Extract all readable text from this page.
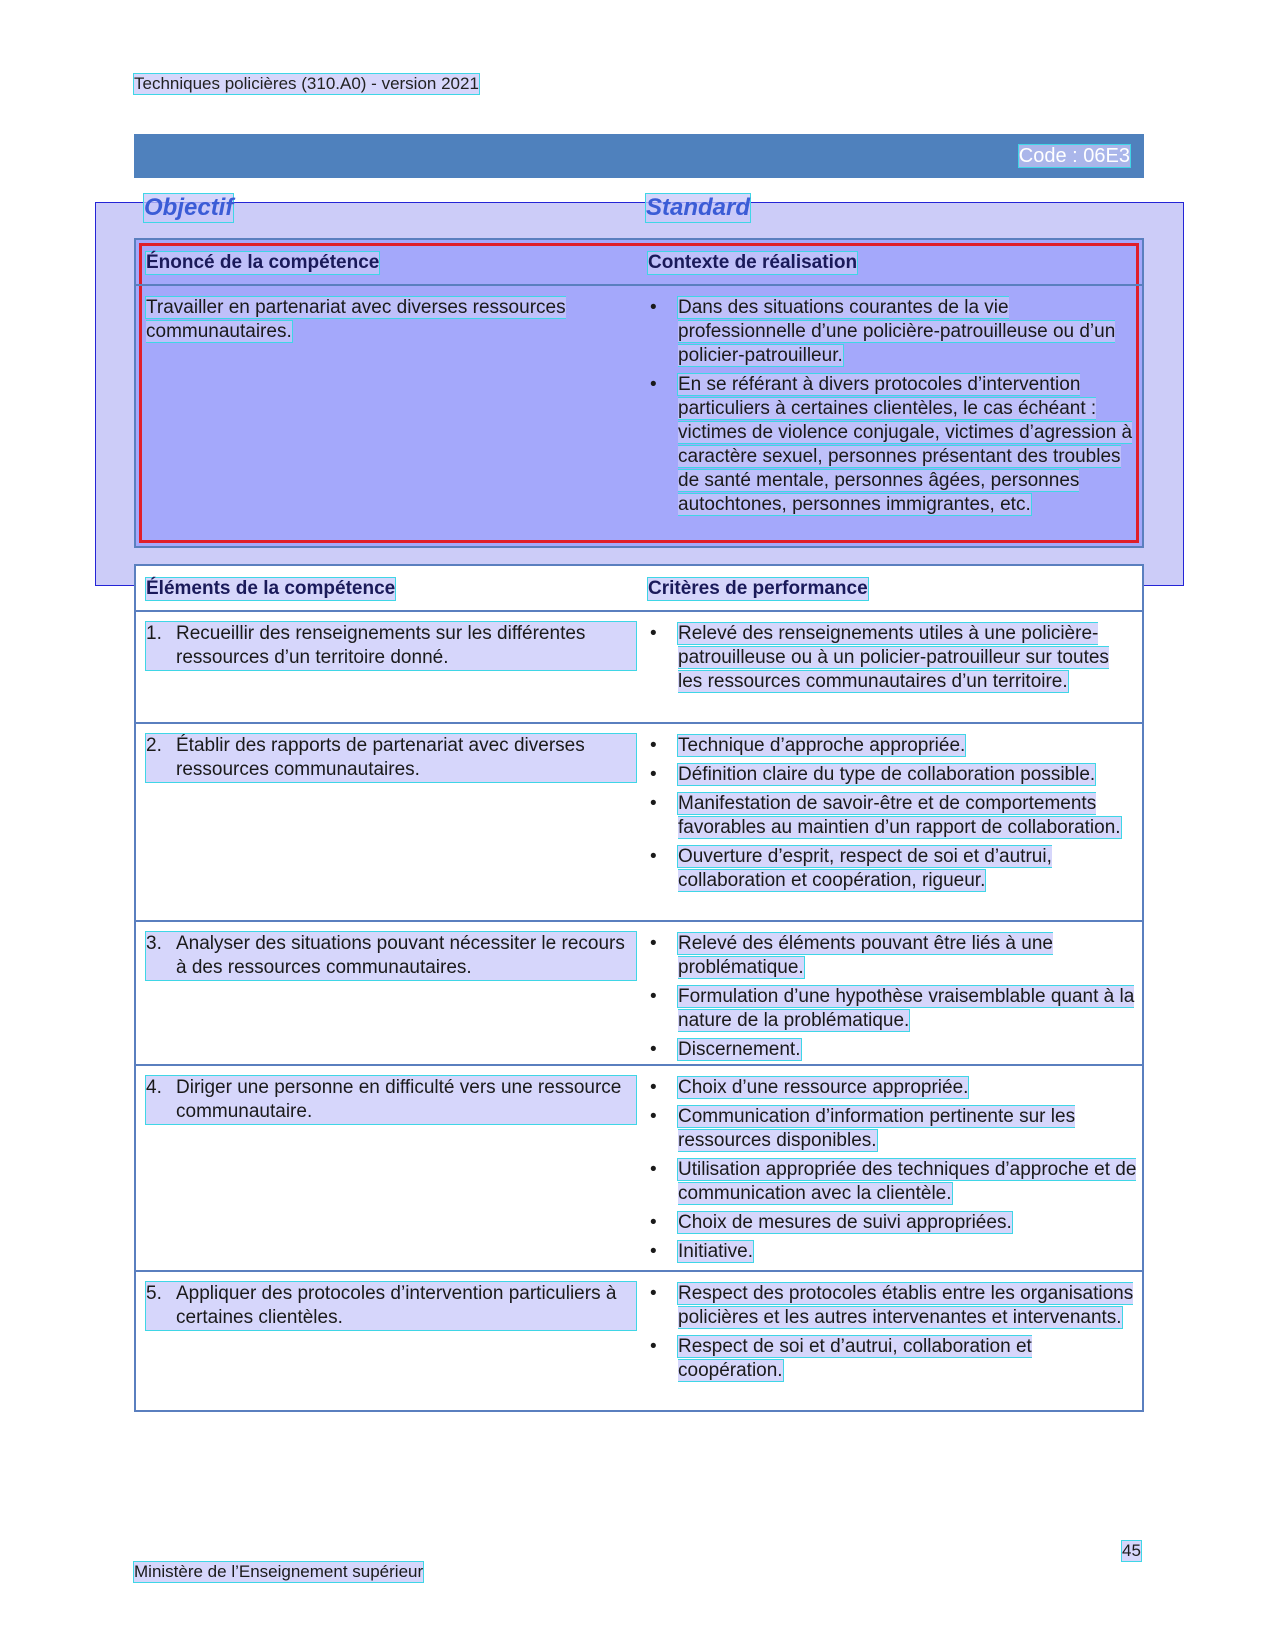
Techniques policières (310.A0) - version 2021
Code : 06E3
Objectif	Standard
Énoncé de la compétence	Contexte de réalisation
Travailler en partenariat avec diverses ressources communautaires.
• Dans des situations courantes de la vie professionnelle d’une policière-patrouilleuse ou d’un policier-patrouilleur.
• En se référant à divers protocoles d’intervention particuliers à certaines clientèles, le cas échéant : victimes de violence conjugale, victimes d’agression à caractère sexuel, personnes présentant des troubles de santé mentale, personnes âgées, personnes autochtones, personnes immigrantes, etc.
Éléments de la compétence	Critères de performance
1. Recueillir des renseignements sur les différentes ressources d’un territoire donné.
• Relevé des renseignements utiles à une policière- patrouilleuse ou à un policier-patrouilleur sur toutes les ressources communautaires d’un territoire.
2. Établir des rapports de partenariat avec diverses ressources communautaires.
• Technique d’approche appropriée.
• Définition claire du type de collaboration possible.
• Manifestation de savoir-être et de comportements favorables au maintien d’un rapport de collaboration.
• Ouverture d’esprit, respect de soi et d’autrui, collaboration et coopération, rigueur.
3. Analyser des situations pouvant nécessiter le recours à des ressources communautaires.
• Relevé des éléments pouvant être liés à une problématique.
• Formulation d’une hypothèse vraisemblable quant à la nature de la problématique.
• Discernement.
4. Diriger une personne en difficulté vers une ressource communautaire.
• Choix d’une ressource appropriée.
• Communication d’information pertinente sur les ressources disponibles.
• Utilisation appropriée des techniques d’approche et de communication avec la clientèle.
• Choix de mesures de suivi appropriées.
• Initiative.
5. Appliquer des protocoles d’intervention particuliers à certaines clientèles.
• Respect des protocoles établis entre les organisations policières et les autres intervenantes et intervenants.
• Respect de soi et d’autrui, collaboration et coopération.
45
Ministère de l’Enseignement supérieur
